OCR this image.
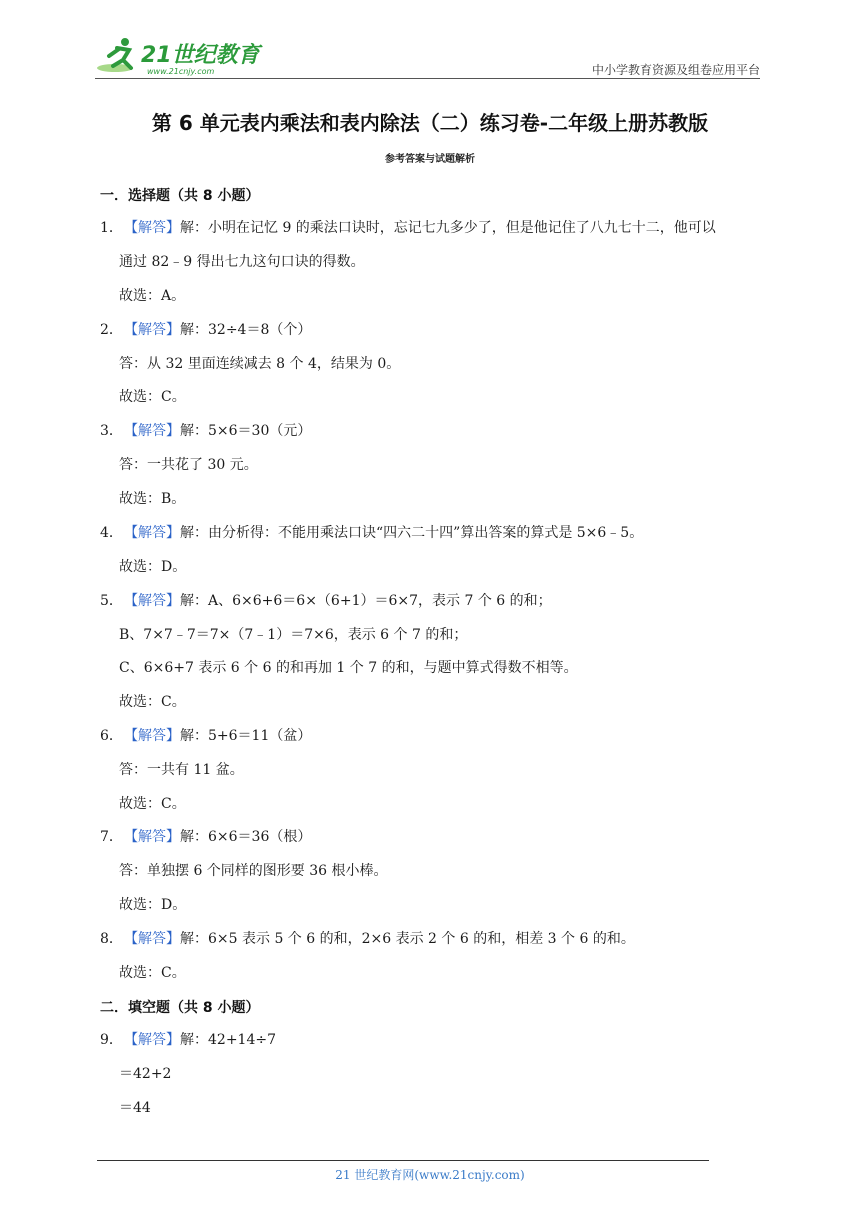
21世纪教育
www.21cnjy.com	中小学教育资源及组卷应用平台
第 6 单元表内乘法和表内除法（二）练习卷-二年级上册苏教版
参考答案与试题解析
一．选择题（共 8 小题）
1． 【解答】解：小明在记忆 9 的乘法口诀时，忘记七九多少了，但是他记住了八九七十二，他可以
通过 82﹣9 得出七九这句口诀的得数。
故选：A。
2． 【解答】解：32÷4＝8（个）
答：从 32 里面连续减去 8 个 4，结果为 0。
故选：C。
3． 【解答】解：5×6＝30（元）
答：一共花了 30 元。
故选：B。
4． 【解答】解：由分析得：不能用乘法口诀“四六二十四”算出答案的算式是 5×6﹣5。
故选：D。
5． 【解答】解：A、6×6+6＝6×（6+1）＝6×7，表示 7 个 6 的和；
B、7×7﹣7＝7×（7﹣1）＝7×6，表示 6 个 7 的和；
C、6×6+7 表示 6 个 6 的和再加 1 个 7 的和，与题中算式得数不相等。
故选：C。
6． 【解答】解：5+6＝11（盆）
答：一共有 11 盆。
故选：C。
7． 【解答】解：6×6＝36（根）
答：单独摆 6 个同样的图形要 36 根小棒。
故选：D。
8． 【解答】解：6×5 表示 5 个 6 的和，2×6 表示 2 个 6 的和，相差 3 个 6 的和。
故选：C。
二．填空题（共 8 小题）
9． 【解答】解：42+14÷7
＝42+2
＝44
21 世纪教育网(www.21cnjy.com)
